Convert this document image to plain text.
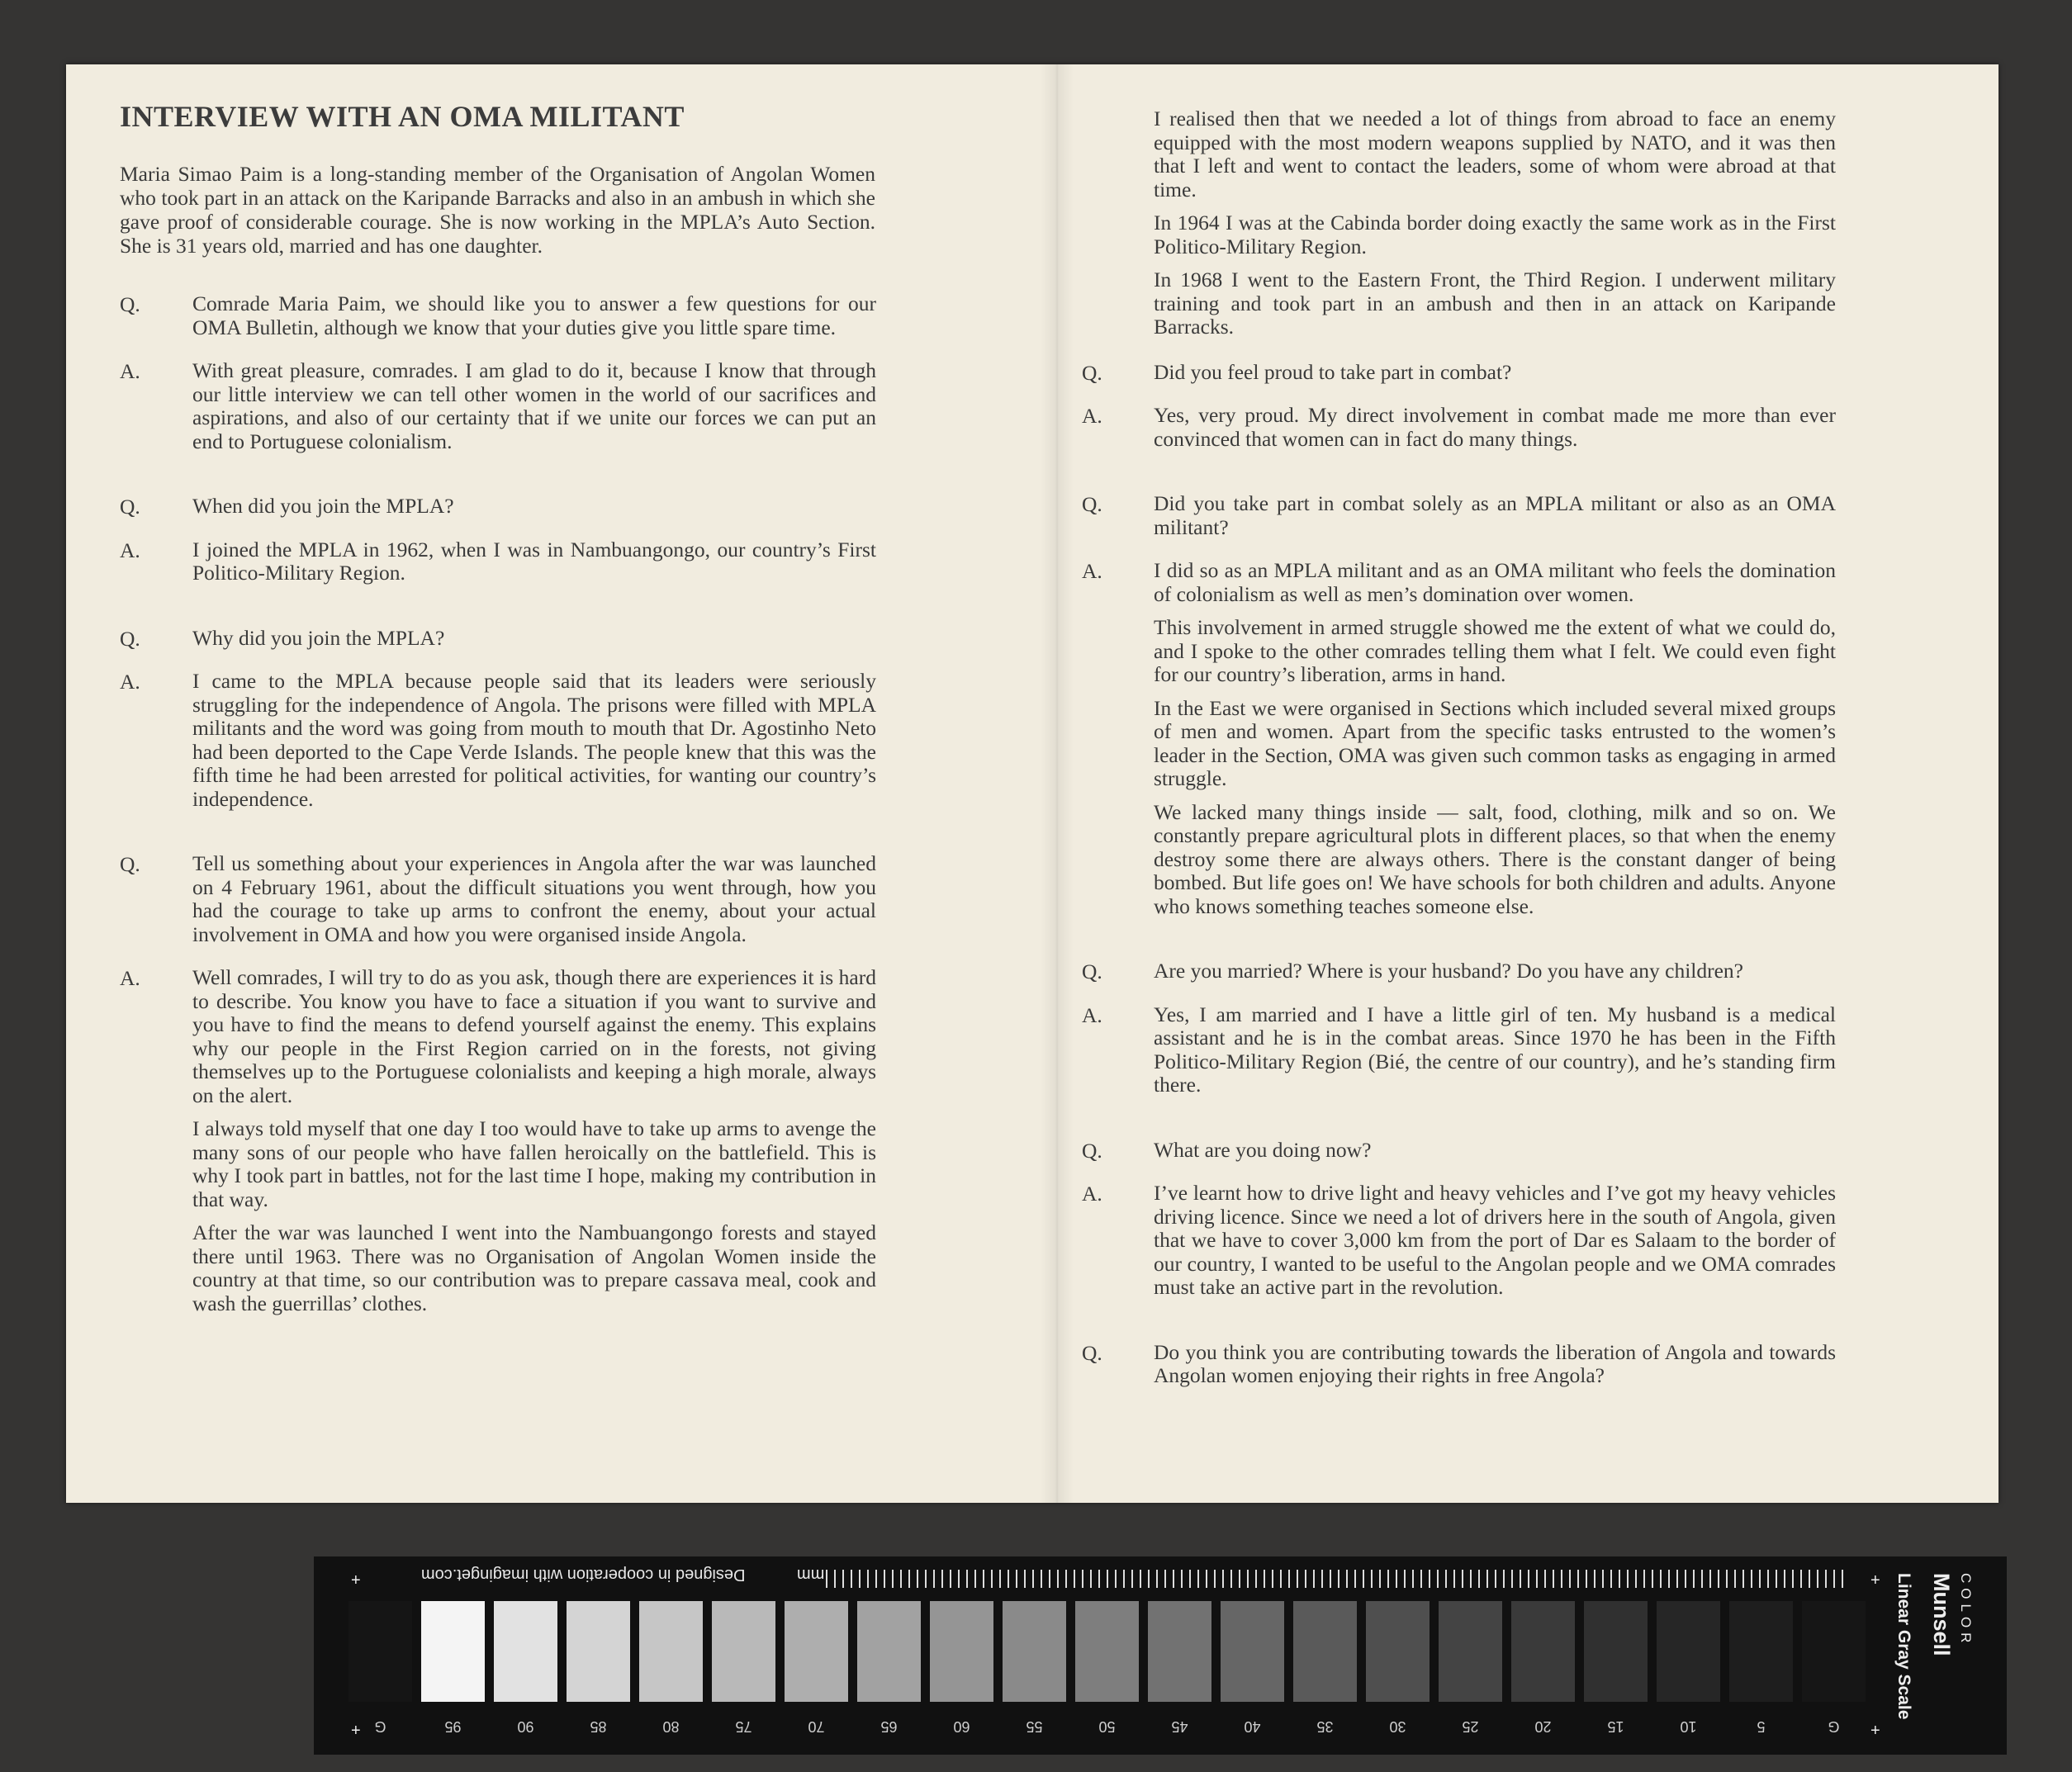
INTERVIEW WITH AN OMA MILITANT

Maria Simao Paim is a long-standing member of the Organisation of Angolan Women who took part in an attack on the Karipande Barracks and also in an ambush in which she gave proof of considerable courage. She is now working in the MPLA’s Auto Section. She is 31 years old, married and has one daughter.

Q.	Comrade Maria Paim, we should like you to answer a few questions for our OMA Bulletin, although we know that your duties give you little spare time.

A.	With great pleasure, comrades. I am glad to do it, because I know that through our little interview we can tell other women in the world of our sacrifices and aspirations, and also of our certainty that if we unite our forces we can put an end to Portuguese colonialism.

Q.	When did you join the MPLA?

A.	I joined the MPLA in 1962, when I was in Nambuangongo, our country’s First Politico-Military Region.

Q.	Why did you join the MPLA?

A.	I came to the MPLA because people said that its leaders were seriously struggling for the independence of Angola. The prisons were filled with MPLA militants and the word was going from mouth to mouth that Dr. Agostinho Neto had been deported to the Cape Verde Islands. The people knew that this was the fifth time he had been arrested for political activities, for wanting our country’s independence.

Q.	Tell us something about your experiences in Angola after the war was launched on 4 February 1961, about the difficult situations you went through, how you had the courage to take up arms to confront the enemy, about your actual involvement in OMA and how you were organised inside Angola.

A.	Well comrades, I will try to do as you ask, though there are experiences it is hard to describe. You know you have to face a situation if you want to survive and you have to find the means to defend yourself against the enemy. This explains why our people in the First Region carried on in the forests, not giving themselves up to the Portuguese colonialists and keeping a high morale, always on the alert.

I always told myself that one day I too would have to take up arms to avenge the many sons of our people who have fallen heroically on the battlefield. This is why I took part in battles, not for the last time I hope, making my contribution in that way.

After the war was launched I went into the Nambuangongo forests and stayed there until 1963. There was no Organisation of Angolan Women inside the country at that time, so our contribution was to prepare cassava meal, cook and wash the guerrillas’ clothes.

I realised then that we needed a lot of things from abroad to face an enemy equipped with the most modern weapons supplied by NATO, and it was then that I left and went to contact the leaders, some of whom were abroad at that time.

In 1964 I was at the Cabinda border doing exactly the same work as in the First Politico-Military Region.

In 1968 I went to the Eastern Front, the Third Region. I underwent military training and took part in an ambush and then in an attack on Karipande Barracks.

Q.	Did you feel proud to take part in combat?

A.	Yes, very proud. My direct involvement in combat made me more than ever convinced that women can in fact do many things.

Q.	Did you take part in combat solely as an MPLA militant or also as an OMA militant?

A.	I did so as an MPLA militant and as an OMA militant who feels the domination of colonialism as well as men’s domination over women.

This involvement in armed struggle showed me the extent of what we could do, and I spoke to the other comrades telling them what I felt. We could even fight for our country’s liberation, arms in hand.

In the East we were organised in Sections which included several mixed groups of men and women. Apart from the specific tasks entrusted to the women’s leader in the Section, OMA was given such common tasks as engaging in armed struggle.

We lacked many things inside — salt, food, clothing, milk and so on. We constantly prepare agricultural plots in different places, so that when the enemy destroy some there are always others. There is the constant danger of being bombed. But life goes on! We have schools for both children and adults. Anyone who knows something teaches someone else.

Q.	Are you married? Where is your husband? Do you have any children?

A.	Yes, I am married and I have a little girl of ten. My husband is a medical assistant and he is in the combat areas. Since 1970 he has been in the Fifth Politico-Military Region (Bié, the centre of our country), and he’s standing firm there.

Q.	What are you doing now?

A.	I’ve learnt how to drive light and heavy vehicles and I’ve got my heavy vehicles driving licence. Since we need a lot of drivers here in the south of Angola, given that we have to cover 3,000 km from the port of Dar es Salaam to the border of our country, I wanted to be useful to the Angolan people and we OMA comrades must take an active part in the revolution.

Q.	Do you think you are contributing towards the liberation of Angola and towards Angolan women enjoying their rights in free Angola?

Designed in cooperation with imaginget.com	mm
G	95	90	85	80	75	70	65	60	55	50	45	40	35	30	25	20	15	10	5	G
+
+
+
+
Linear Gray Scale Munsell COLOR
